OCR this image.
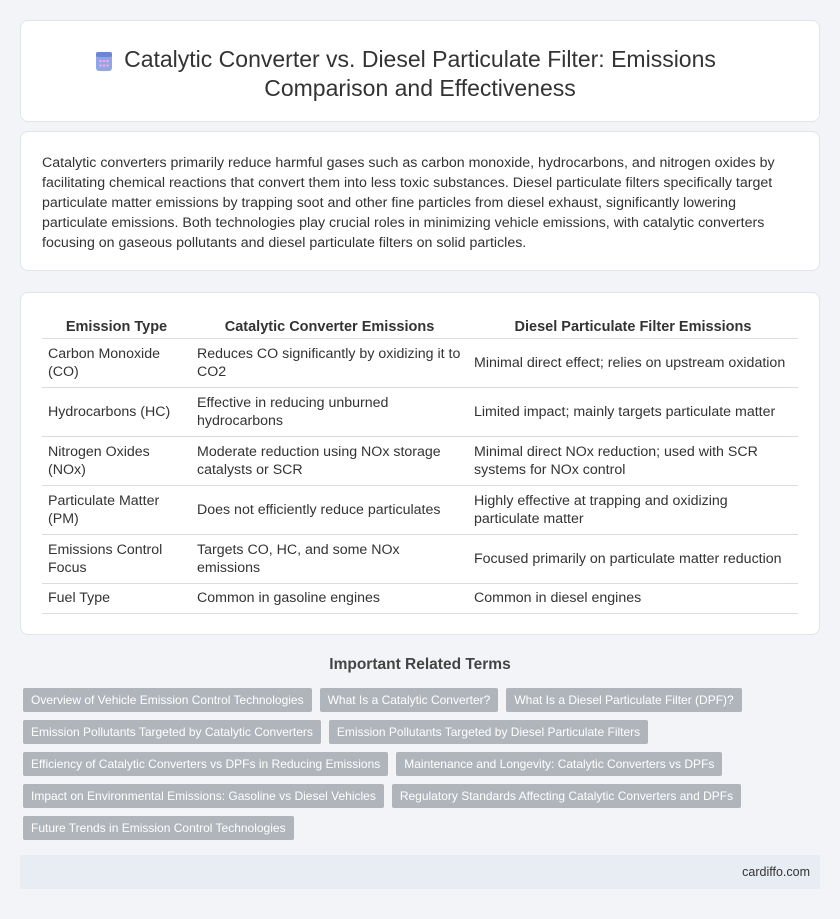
Catalytic Converter vs. Diesel Particulate Filter: Emissions Comparison and Effectiveness

Catalytic converters primarily reduce harmful gases such as carbon monoxide, hydrocarbons, and nitrogen oxides by facilitating chemical reactions that convert them into less toxic substances. Diesel particulate filters specifically target particulate matter emissions by trapping soot and other fine particles from diesel exhaust, significantly lowering particulate emissions. Both technologies play crucial roles in minimizing vehicle emissions, with catalytic converters focusing on gaseous pollutants and diesel particulate filters on solid particles.

Emission Type	Catalytic Converter Emissions	Diesel Particulate Filter Emissions
Carbon Monoxide (CO)	Reduces CO significantly by oxidizing it to CO2	Minimal direct effect; relies on upstream oxidation
Hydrocarbons (HC)	Effective in reducing unburned hydrocarbons	Limited impact; mainly targets particulate matter
Nitrogen Oxides (NOx)	Moderate reduction using NOx storage catalysts or SCR	Minimal direct NOx reduction; used with SCR systems for NOx control
Particulate Matter (PM)	Does not efficiently reduce particulates	Highly effective at trapping and oxidizing particulate matter
Emissions Control Focus	Targets CO, HC, and some NOx emissions	Focused primarily on particulate matter reduction
Fuel Type	Common in gasoline engines	Common in diesel engines
Important Related Terms
Overview of Vehicle Emission Control Technologies	What Is a Catalytic Converter?	What Is a Diesel Particulate Filter (DPF)?
Emission Pollutants Targeted by Catalytic Converters	Emission Pollutants Targeted by Diesel Particulate Filters
Efficiency of Catalytic Converters vs DPFs in Reducing Emissions	Maintenance and Longevity: Catalytic Converters vs DPFs
Impact on Environmental Emissions: Gasoline vs Diesel Vehicles	Regulatory Standards Affecting Catalytic Converters and DPFs
Future Trends in Emission Control Technologies
cardiffo.com
